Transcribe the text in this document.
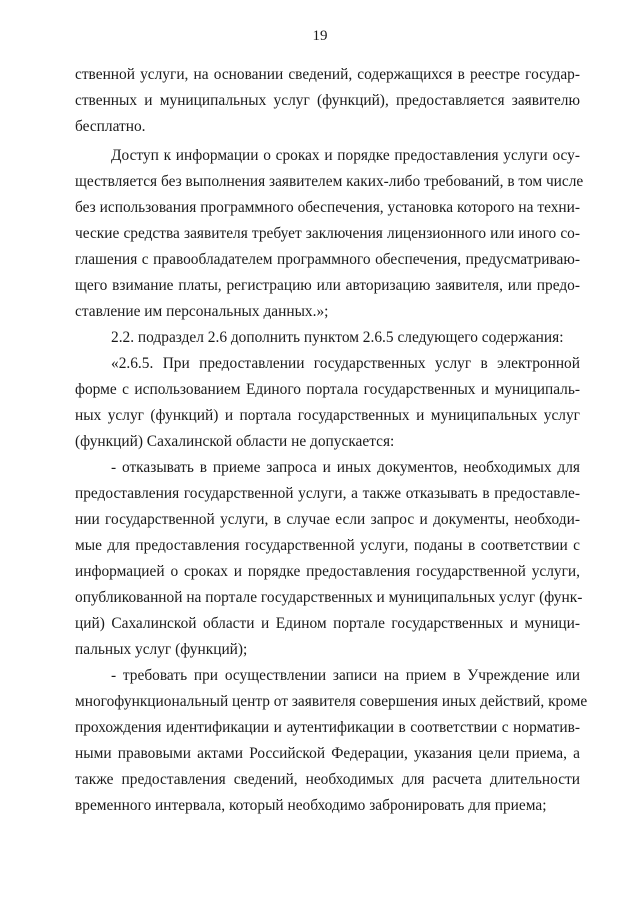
19
ственной услуги, на основании сведений, содержащихся в реестре государ-
ственных и муниципальных услуг (функций), предоставляется заявителю
бесплатно.
Доступ к информации о сроках и порядке предоставления услуги осу-
ществляется без выполнения заявителем каких-либо требований, в том числе
без использования программного обеспечения, установка которого на техни-
ческие средства заявителя требует заключения лицензионного или иного со-
глашения с правообладателем программного обеспечения, предусматриваю-
щего взимание платы, регистрацию или авторизацию заявителя, или предо-
ставление им персональных данных.»;
2.2. подраздел 2.6 дополнить пунктом 2.6.5 следующего содержания:
«2.6.5. При предоставлении государственных услуг в электронной
форме с использованием Единого портала государственных и муниципаль-
ных услуг (функций) и портала государственных и муниципальных услуг
(функций) Сахалинской области не допускается:
- отказывать в приеме запроса и иных документов, необходимых для
предоставления государственной услуги, а также отказывать в предоставле-
нии государственной услуги, в случае если запрос и документы, необходи-
мые для предоставления государственной услуги, поданы в соответствии с
информацией о сроках и порядке предоставления государственной услуги,
опубликованной на портале государственных и муниципальных услуг (функ-
ций) Сахалинской области и Едином портале государственных и муници-
пальных услуг (функций);
- требовать при осуществлении записи на прием в Учреждение или
многофункциональный центр от заявителя совершения иных действий, кроме
прохождения идентификации и аутентификации в соответствии с норматив-
ными правовыми актами Российской Федерации, указания цели приема, а
также предоставления сведений, необходимых для расчета длительности
временного интервала, который необходимо забронировать для приема;
